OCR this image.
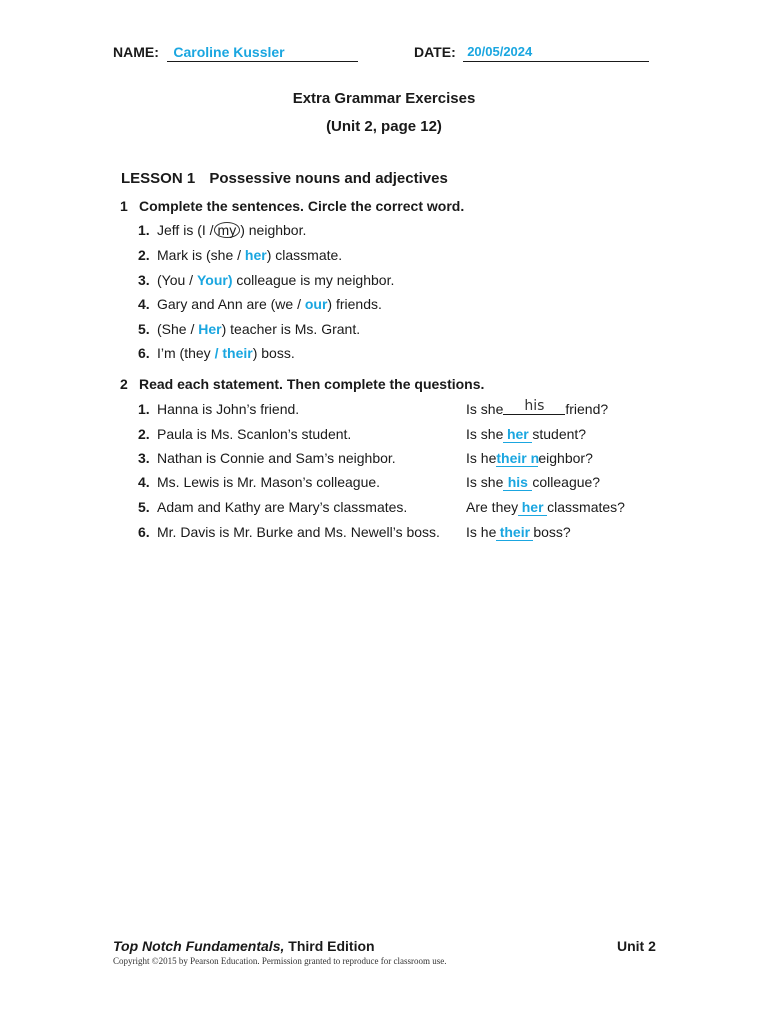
NAME: Caroline Kussler	DATE: 20/05/2024
Extra Grammar Exercises
(Unit 2, page 12)
LESSON 1 Possessive nouns and adjectives
1 Complete the sentences. Circle the correct word.
1. Jeff is (I / my ) neighbor.
2. Mark is (she / her) classmate.
3. (You / Your) colleague is my neighbor.
4. Gary and Ann are (we / our) friends.
5. (She / Her) teacher is Ms. Grant.
6. I’m (they / their) boss.
2 Read each statement. Then complete the questions.
1. Hanna is John’s friend.
2. Paula is Ms. Scanlon’s student.
3. Nathan is Connie and Sam’s neighbor.
4. Ms. Lewis is Mr. Mason’s colleague.
5. Adam and Kathy are Mary’s classmates.
6. Mr. Davis is Mr. Burke and Ms. Newell’s boss.
Is she his friend?
Is she her student?
Is hetheir neighbor?
Is she his colleague?
Are they her classmates?
Is he their boss?
Top Notch Fundamentals, Third Edition	Unit 2
Copyright ©2015 by Pearson Education. Permission granted to reproduce for classroom use.
